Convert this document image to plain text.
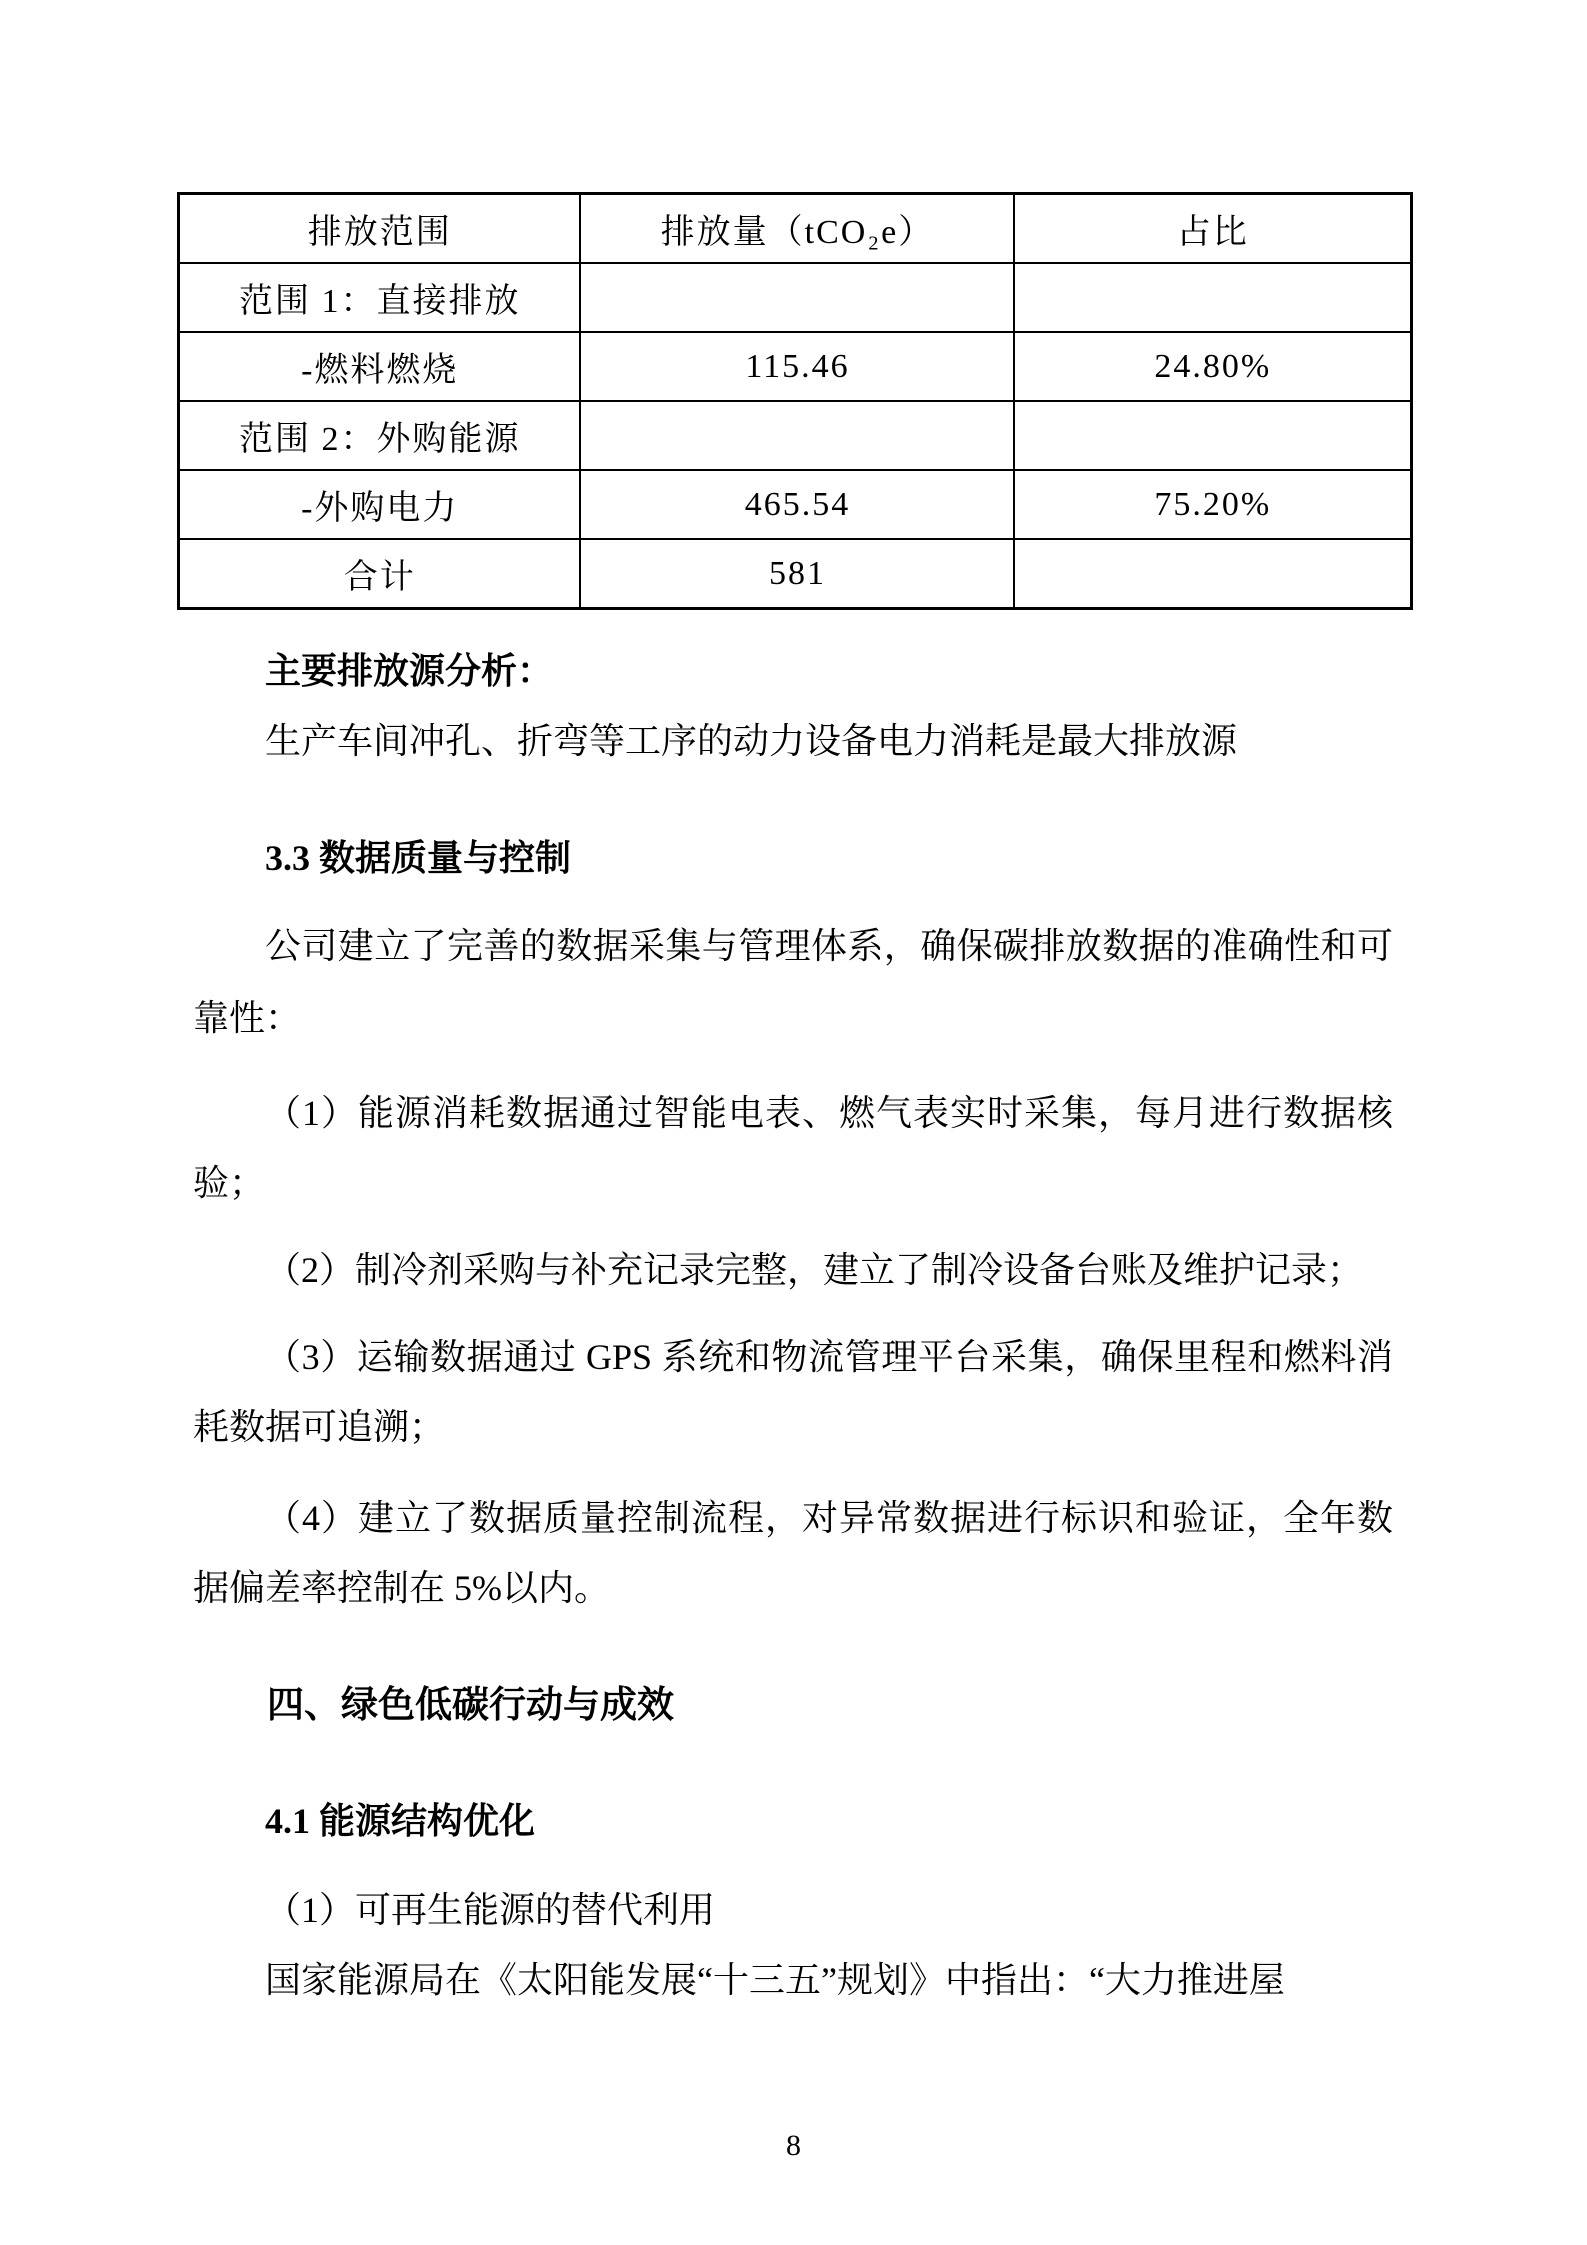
排放范围	排放量（tCO₂e）	占比
范围 1：直接排放		
-燃料燃烧	115.46	24.80%
范围 2：外购能源		
-外购电力	465.54	75.20%
合计	581	

主要排放源分析：

生产车间冲孔、折弯等工序的动力设备电力消耗是最大排放源

3.3 数据质量与控制

公司建立了完善的数据采集与管理体系，确保碳排放数据的准确性和可靠性：

（1）能源消耗数据通过智能电表、燃气表实时采集，每月进行数据核验；

（2）制冷剂采购与补充记录完整，建立了制冷设备台账及维护记录；

（3）运输数据通过 GPS 系统和物流管理平台采集，确保里程和燃料消耗数据可追溯；

（4）建立了数据质量控制流程，对异常数据进行标识和验证，全年数据偏差率控制在 5%以内。

四、绿色低碳行动与成效

4.1 能源结构优化

（1）可再生能源的替代利用

国家能源局在《太阳能发展“十三五”规划》中指出：“大力推进屋

8
